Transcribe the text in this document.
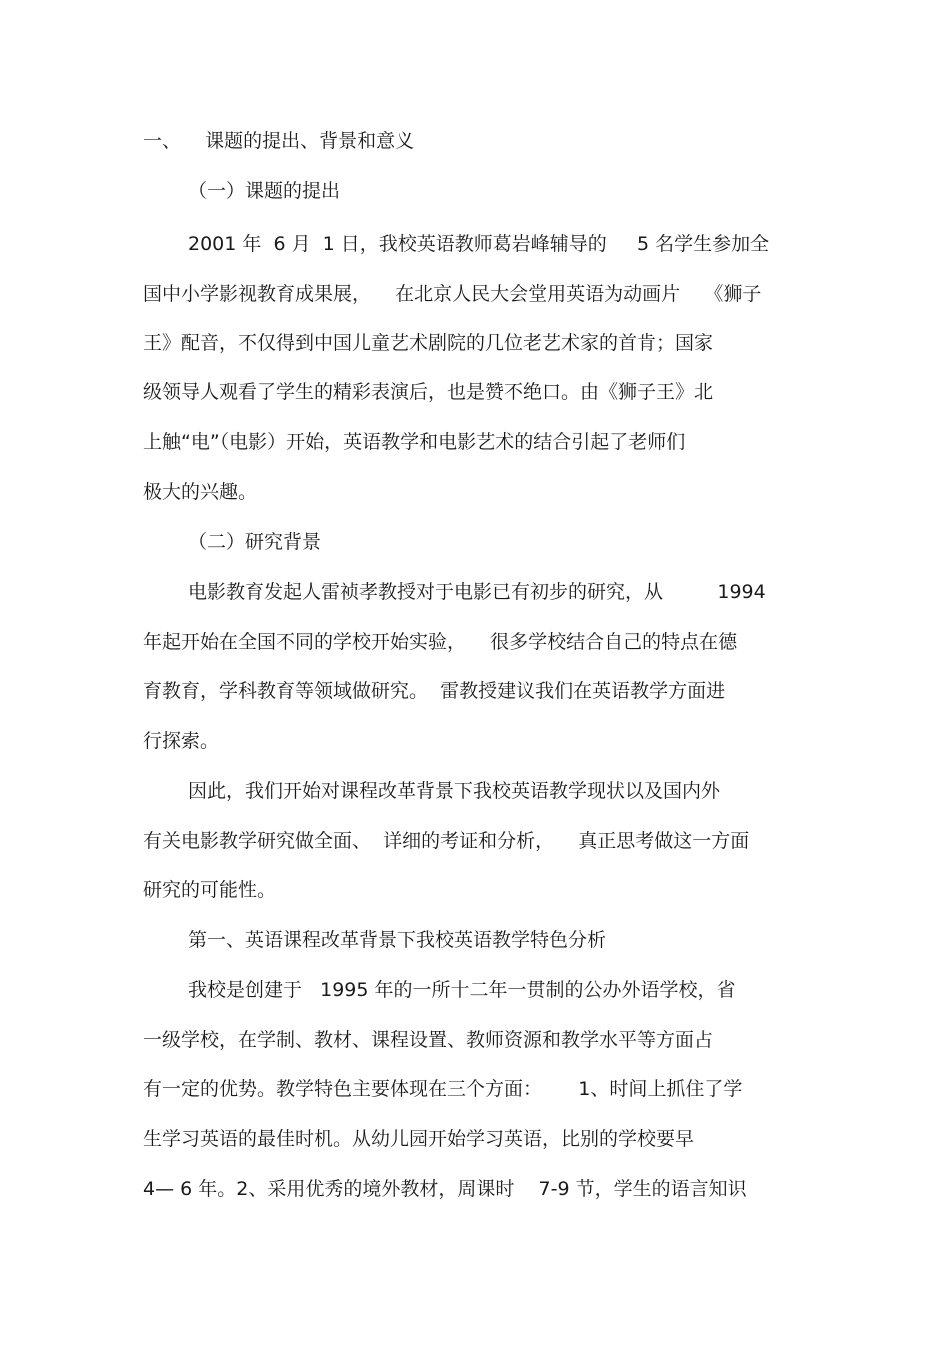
一、    课题的提出、背景和意义
（一）课题的提出
2001 年  6 月  1 日，我校英语教师葛岩峰辅导的     5 名学生参加全
国中小学影视教育成果展，    在北京人民大会堂用英语为动画片    《狮子
王》配音，不仅得到中国儿童艺术剧院的几位老艺术家的首肯；国家
级领导人观看了学生的精彩表演后，也是赞不绝口。由《狮子王》北
上触“电”（电影）开始，英语教学和电影艺术的结合引起了老师们
极大的兴趣。
（二）研究背景
电影教育发起人雷祯孝教授对于电影已有初步的研究，从         1994
年起开始在全国不同的学校开始实验，    很多学校结合自己的特点在德
育教育，学科教育等领域做研究。  雷教授建议我们在英语教学方面进
行探索。
因此，我们开始对课程改革背景下我校英语教学现状以及国内外
有关电影教学研究做全面、  详细的考证和分析，    真正思考做这一方面
研究的可能性。
第一、英语课程改革背景下我校英语教学特色分析
我校是创建于   1995 年的一所十二年一贯制的公办外语学校，省
一级学校，在学制、教材、课程设置、教师资源和教学水平等方面占
有一定的优势。教学特色主要体现在三个方面：      1、时间上抓住了学
生学习英语的最佳时机。从幼儿园开始学习英语，比别的学校要早
4— 6 年。2、采用优秀的境外教材，周课时    7-9 节，学生的语言知识
